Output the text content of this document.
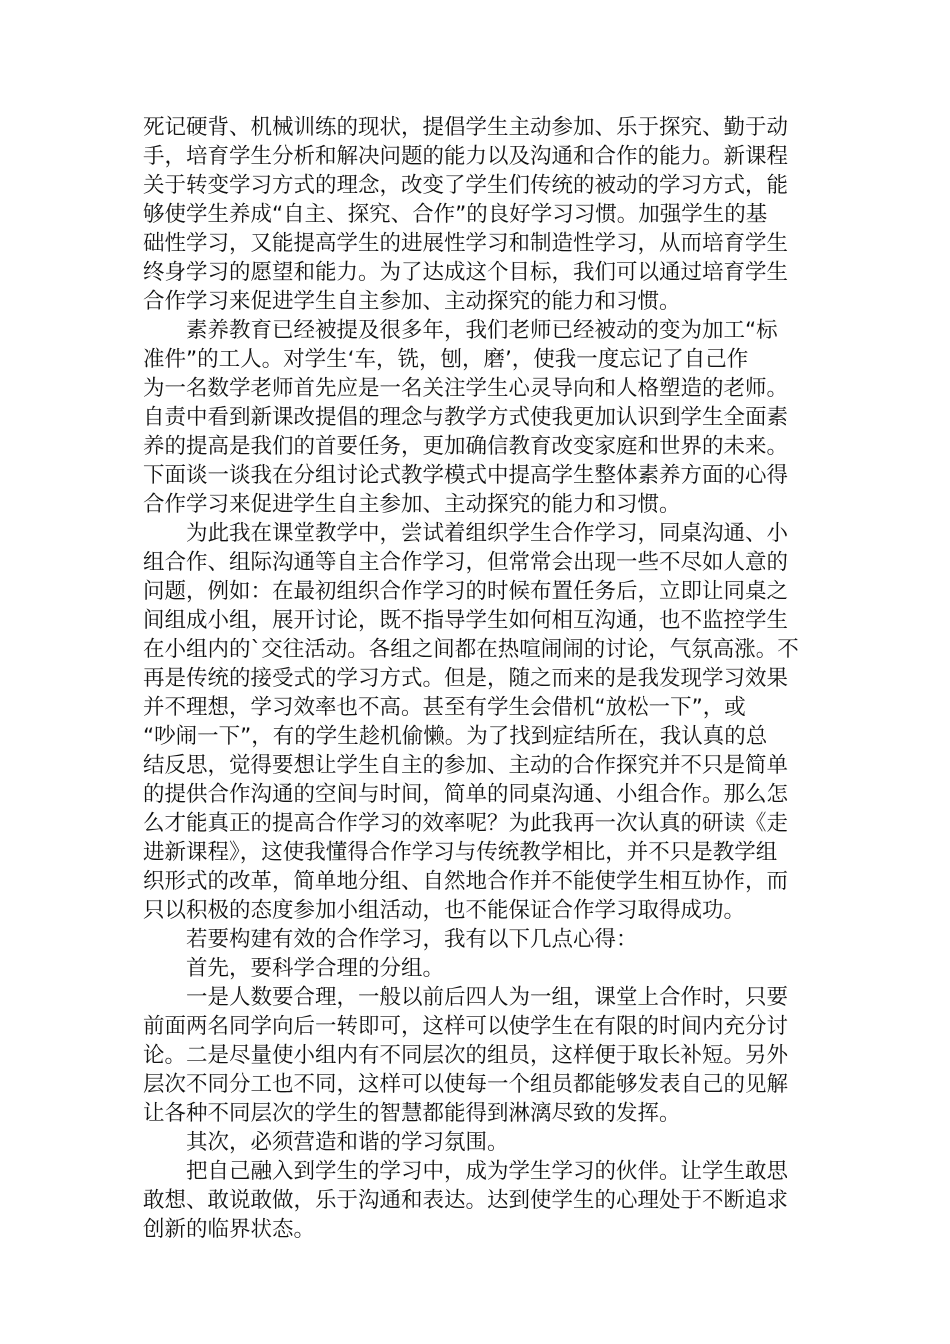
死记硬背、机械训练的现状，提倡学生主动参加、乐于探究、勤于动
手，培育学生分析和解决问题的能力以及沟通和合作的能力。新课程
关于转变学习方式的理念，改变了学生们传统的被动的学习方式，能
够使学生养成“自主、探究、合作”的良好学习习惯。加强学生的基
础性学习，又能提高学生的进展性学习和制造性学习，从而培育学生
终身学习的愿望和能力。为了达成这个目标，我们可以通过培育学生
合作学习来促进学生自主参加、主动探究的能力和习惯。
　　素养教育已经被提及很多年，我们老师已经被动的变为加工“标
准件”的工人。对学生‘车，铣，刨，磨’，使我一度忘记了自己作
为一名数学老师首先应是一名关注学生心灵导向和人格塑造的老师。
自责中看到新课改提倡的理念与教学方式使我更加认识到学生全面素
养的提高是我们的首要任务，更加确信教育改变家庭和世界的未来。
下面谈一谈我在分组讨论式教学模式中提高学生整体素养方面的心得
合作学习来促进学生自主参加、主动探究的能力和习惯。
　　为此我在课堂教学中，尝试着组织学生合作学习，同桌沟通、小
组合作、组际沟通等自主合作学习，但常常会出现一些不尽如人意的
问题，例如：在最初组织合作学习的时候布置任务后，立即让同桌之
间组成小组，展开讨论，既不指导学生如何相互沟通，也不监控学生
在小组内的`交往活动。各组之间都在热喧闹闹的讨论，气氛高涨。不
再是传统的接受式的学习方式。但是，随之而来的是我发现学习效果
并不理想，学习效率也不高。甚至有学生会借机“放松一下”，或
“吵闹一下”，有的学生趁机偷懒。为了找到症结所在，我认真的总
结反思，觉得要想让学生自主的参加、主动的合作探究并不只是简单
的提供合作沟通的空间与时间，简单的同桌沟通、小组合作。那么怎
么才能真正的提高合作学习的效率呢？为此我再一次认真的研读《走
进新课程》，这使我懂得合作学习与传统教学相比，并不只是教学组
织形式的改革，简单地分组、自然地合作并不能使学生相互协作，而
只以积极的态度参加小组活动，也不能保证合作学习取得成功。
　　若要构建有效的合作学习，我有以下几点心得：
　　首先，要科学合理的分组。
　　一是人数要合理，一般以前后四人为一组，课堂上合作时，只要
前面两名同学向后一转即可，这样可以使学生在有限的时间内充分讨
论。二是尽量使小组内有不同层次的组员，这样便于取长补短。另外
层次不同分工也不同，这样可以使每一个组员都能够发表自己的见解
让各种不同层次的学生的智慧都能得到淋漓尽致的发挥。
　　其次，必须营造和谐的学习氛围。
　　把自己融入到学生的学习中，成为学生学习的伙伴。让学生敢思
敢想、敢说敢做，乐于沟通和表达。达到使学生的心理处于不断追求
创新的临界状态。
